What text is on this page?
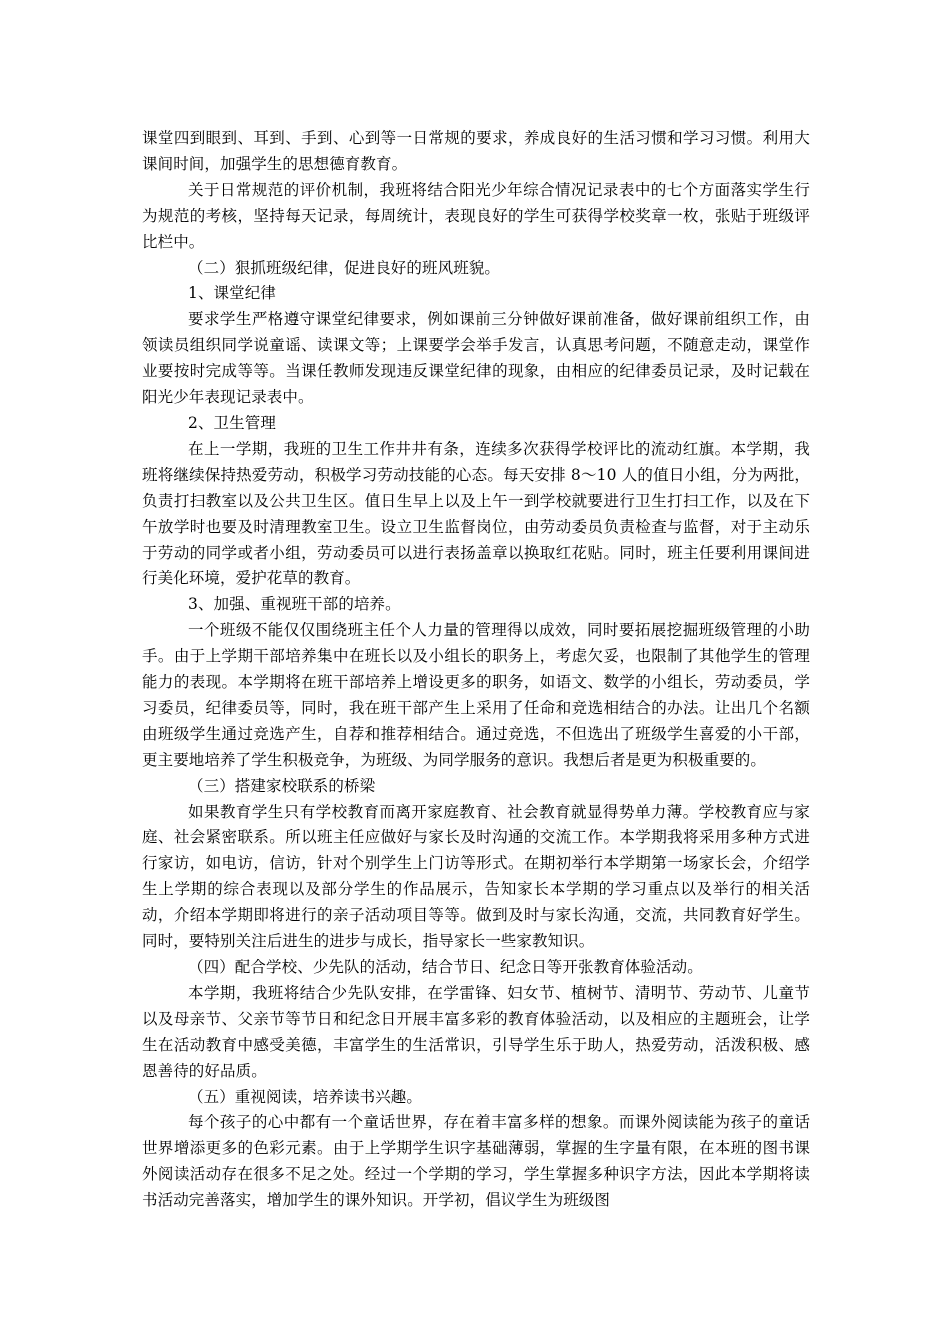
课堂四到眼到、耳到、手到、心到等一日常规的要求，养成良好的生活习惯和学习习惯。利用大课间时间，加强学生的思想德育教育。

关于日常规范的评价机制，我班将结合阳光少年综合情况记录表中的七个方面落实学生行为规范的考核，坚持每天记录，每周统计，表现良好的学生可获得学校奖章一枚，张贴于班级评比栏中。

（二）狠抓班级纪律，促进良好的班风班貌。

1、课堂纪律

要求学生严格遵守课堂纪律要求，例如课前三分钟做好课前准备，做好课前组织工作，由领读员组织同学说童谣、读课文等；上课要学会举手发言，认真思考问题，不随意走动，课堂作业要按时完成等等。当课任教师发现违反课堂纪律的现象，由相应的纪律委员记录，及时记载在阳光少年表现记录表中。

2、卫生管理

在上一学期，我班的卫生工作井井有条，连续多次获得学校评比的流动红旗。本学期，我班将继续保持热爱劳动，积极学习劳动技能的心态。每天安排 8～10 人的值日小组，分为两批，负责打扫教室以及公共卫生区。值日生早上以及上午一到学校就要进行卫生打扫工作，以及在下午放学时也要及时清理教室卫生。设立卫生监督岗位，由劳动委员负责检查与监督，对于主动乐于劳动的同学或者小组，劳动委员可以进行表扬盖章以换取红花贴。同时，班主任要利用课间进行美化环境，爱护花草的教育。

3、加强、重视班干部的培养。

一个班级不能仅仅围绕班主任个人力量的管理得以成效，同时要拓展挖掘班级管理的小助手。由于上学期干部培养集中在班长以及小组长的职务上，考虑欠妥，也限制了其他学生的管理能力的表现。本学期将在班干部培养上增设更多的职务，如语文、数学的小组长，劳动委员，学习委员，纪律委员等，同时，我在班干部产生上采用了任命和竞选相结合的办法。让出几个名额由班级学生通过竞选产生，自荐和推荐相结合。通过竞选，不但选出了班级学生喜爱的小干部，更主要地培养了学生积极竞争，为班级、为同学服务的意识。我想后者是更为积极重要的。

（三）搭建家校联系的桥梁

如果教育学生只有学校教育而离开家庭教育、社会教育就显得势单力薄。学校教育应与家庭、社会紧密联系。所以班主任应做好与家长及时沟通的交流工作。本学期我将采用多种方式进行家访，如电访，信访，针对个别学生上门访等形式。在期初举行本学期第一场家长会，介绍学生上学期的综合表现以及部分学生的作品展示，告知家长本学期的学习重点以及举行的相关活动，介绍本学期即将进行的亲子活动项目等等。做到及时与家长沟通，交流，共同教育好学生。同时，要特别关注后进生的进步与成长，指导家长一些家教知识。

（四）配合学校、少先队的活动，结合节日、纪念日等开张教育体验活动。

本学期，我班将结合少先队安排，在学雷锋、妇女节、植树节、清明节、劳动节、儿童节以及母亲节、父亲节等节日和纪念日开展丰富多彩的教育体验活动，以及相应的主题班会，让学生在活动教育中感受美德，丰富学生的生活常识，引导学生乐于助人，热爱劳动，活泼积极、感恩善待的好品质。

（五）重视阅读，培养读书兴趣。

每个孩子的心中都有一个童话世界，存在着丰富多样的想象。而课外阅读能为孩子的童话世界增添更多的色彩元素。由于上学期学生识字基础薄弱，掌握的生字量有限，在本班的图书课外阅读活动存在很多不足之处。经过一个学期的学习，学生掌握多种识字方法，因此本学期将读书活动完善落实，增加学生的课外知识。开学初，倡议学生为班级图
